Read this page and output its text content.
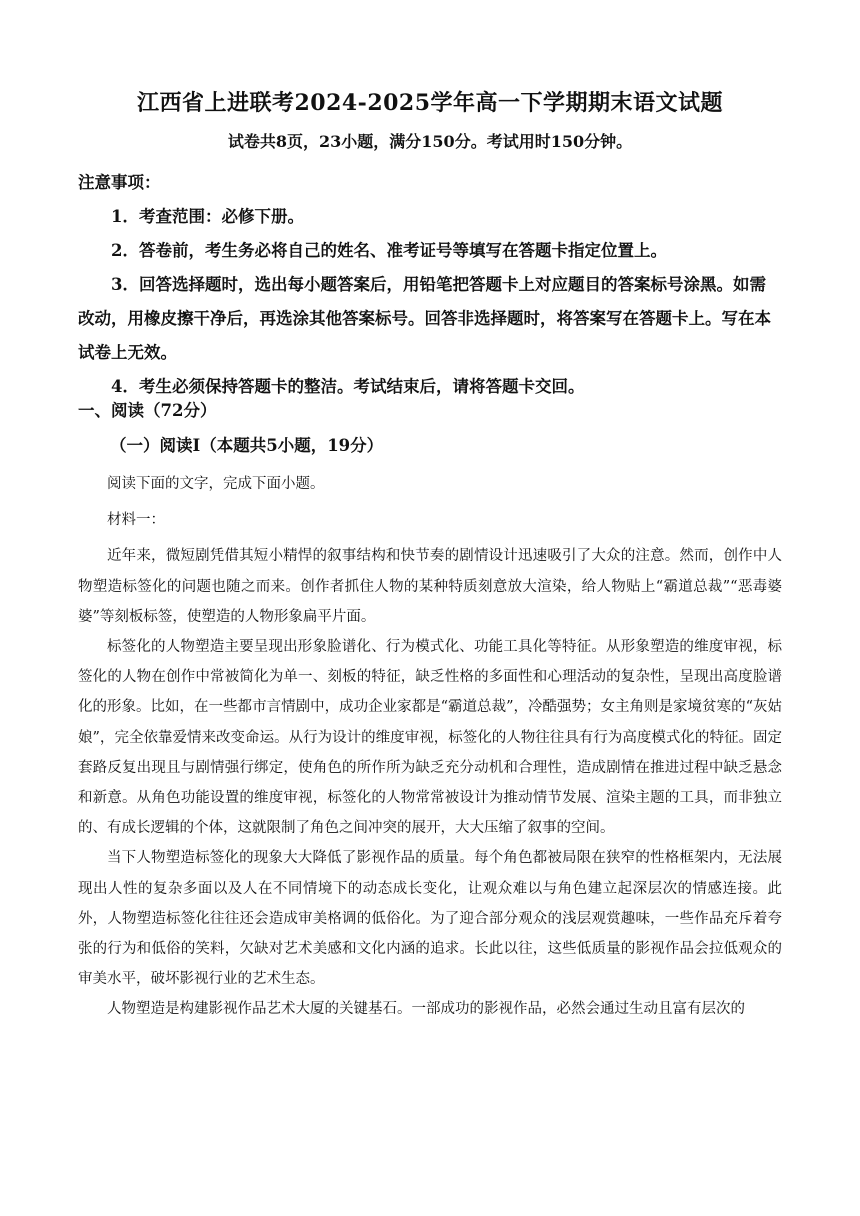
江西省上进联考2024-2025学年高一下学期期末语文试题
试卷共8页，23小题，满分150分。考试用时150分钟。

注意事项：

1．考查范围：必修下册。

2．答卷前，考生务必将自己的姓名、准考证号等填写在答题卡指定位置上。

3．回答选择题时，选出每小题答案后，用铅笔把答题卡上对应题目的答案标号涂黑。如需改动，用橡皮擦干净后，再选涂其他答案标号。回答非选择题时，将答案写在答题卡上。写在本试卷上无效。

4．考生必须保持答题卡的整洁。考试结束后，请将答题卡交回。

一、阅读（72分）
（一）阅读Ⅰ（本题共5小题，19分）

阅读下面的文字，完成下面小题。

材料一：

近年来，微短剧凭借其短小精悍的叙事结构和快节奏的剧情设计迅速吸引了大众的注意。然而，创作中人物塑造标签化的问题也随之而来。创作者抓住人物的某种特质刻意放大渲染，给人物贴上“霸道总裁”“恶毒婆婆”等刻板标签，使塑造的人物形象扁平片面。

标签化的人物塑造主要呈现出形象脸谱化、行为模式化、功能工具化等特征。从形象塑造的维度审视，标签化的人物在创作中常被简化为单一、刻板的特征，缺乏性格的多面性和心理活动的复杂性，呈现出高度脸谱化的形象。比如，在一些都市言情剧中，成功企业家都是“霸道总裁”，冷酷强势；女主角则是家境贫寒的“灰姑娘”，完全依靠爱情来改变命运。从行为设计的维度审视，标签化的人物往往具有行为高度模式化的特征。固定套路反复出现且与剧情强行绑定，使角色的所作所为缺乏充分动机和合理性，造成剧情在推进过程中缺乏悬念和新意。从角色功能设置的维度审视，标签化的人物常常被设计为推动情节发展、渲染主题的工具，而非独立的、有成长逻辑的个体，这就限制了角色之间冲突的展开，大大压缩了叙事的空间。

当下人物塑造标签化的现象大大降低了影视作品的质量。每个角色都被局限在狭窄的性格框架内，无法展现出人性的复杂多面以及人在不同情境下的动态成长变化，让观众难以与角色建立起深层次的情感连接。此外，人物塑造标签化往往还会造成审美格调的低俗化。为了迎合部分观众的浅层观赏趣味，一些作品充斥着夸张的行为和低俗的笑料，欠缺对艺术美感和文化内涵的追求。长此以往，这些低质量的影视作品会拉低观众的审美水平，破坏影视行业的艺术生态。

人物塑造是构建影视作品艺术大厦的关键基石。一部成功的影视作品，必然会通过生动且富有层次的
